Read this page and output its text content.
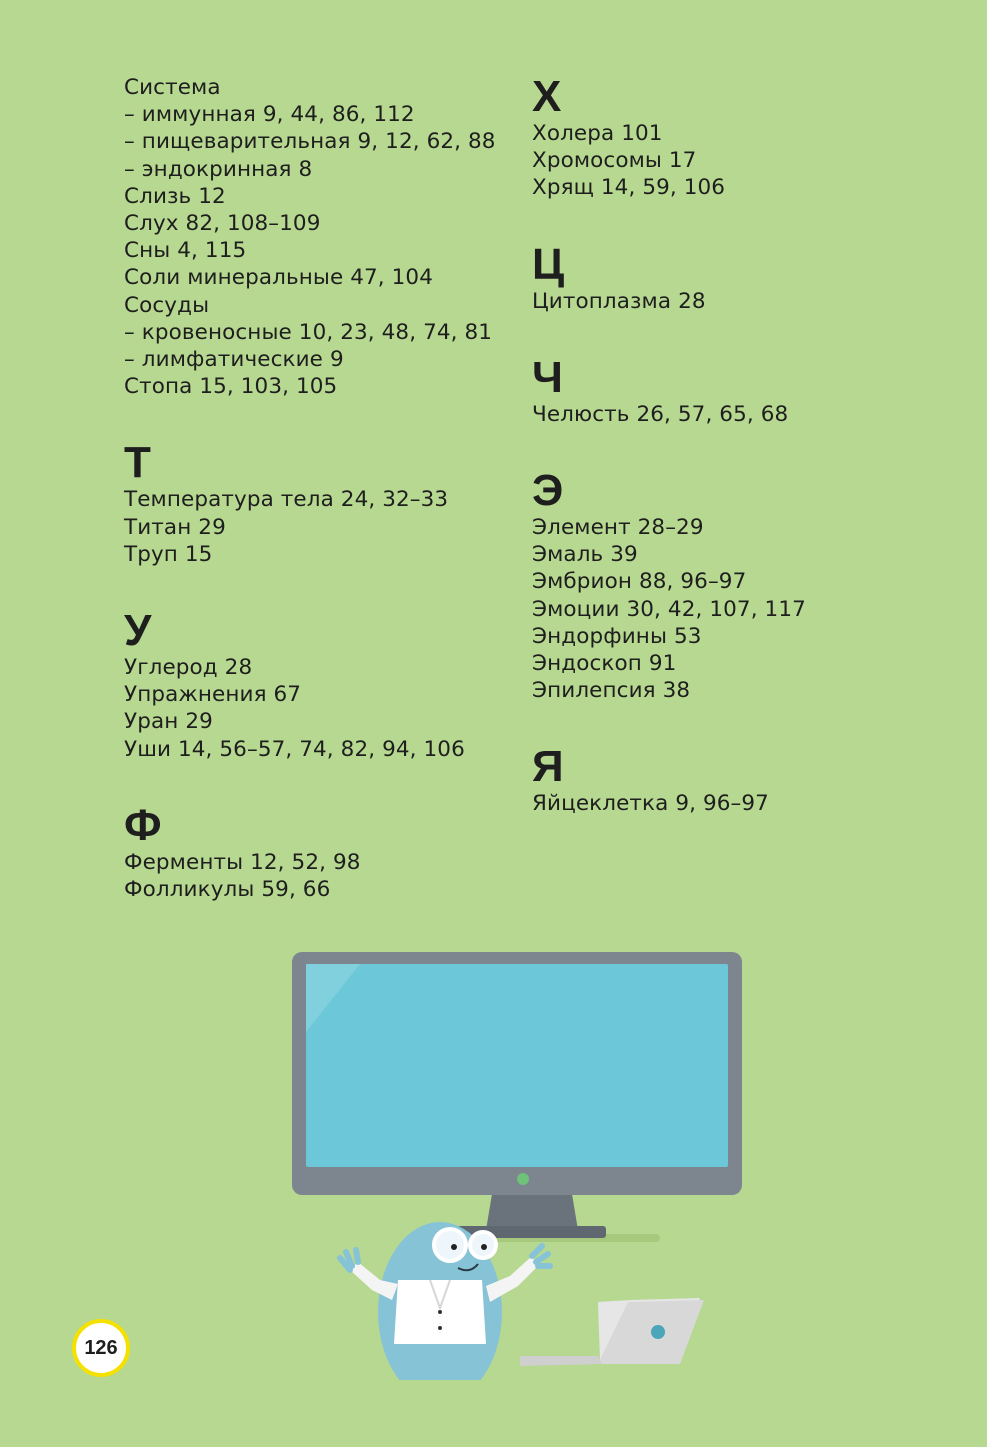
Система
– иммунная 9, 44, 86, 112
– пищеварительная 9, 12, 62, 88
– эндокринная 8
Слизь 12
Слух 82, 108–109
Сны 4, 115
Соли минеральные 47, 104
Сосуды
– кровеносные 10, 23, 48, 74, 81
– лимфатические 9
Стопа 15, 103, 105
Т
Температура тела 24, 32–33
Титан 29
Труп 15
У
Углерод 28
Упражнения 67
Уран 29
Уши 14, 56–57, 74, 82, 94, 106
Ф
Ферменты 12, 52, 98
Фолликулы 59, 66
Х
Холера 101
Хромосомы 17
Хрящ 14, 59, 106
Ц
Цитоплазма 28
Ч
Челюсть 26, 57, 65, 68
Э
Элемент 28–29
Эмаль 39
Эмбрион 88, 96–97
Эмоции 30, 42, 107, 117
Эндорфины 53
Эндоскоп 91
Эпилепсия 38
Я
Яйцеклетка 9, 96–97
126
